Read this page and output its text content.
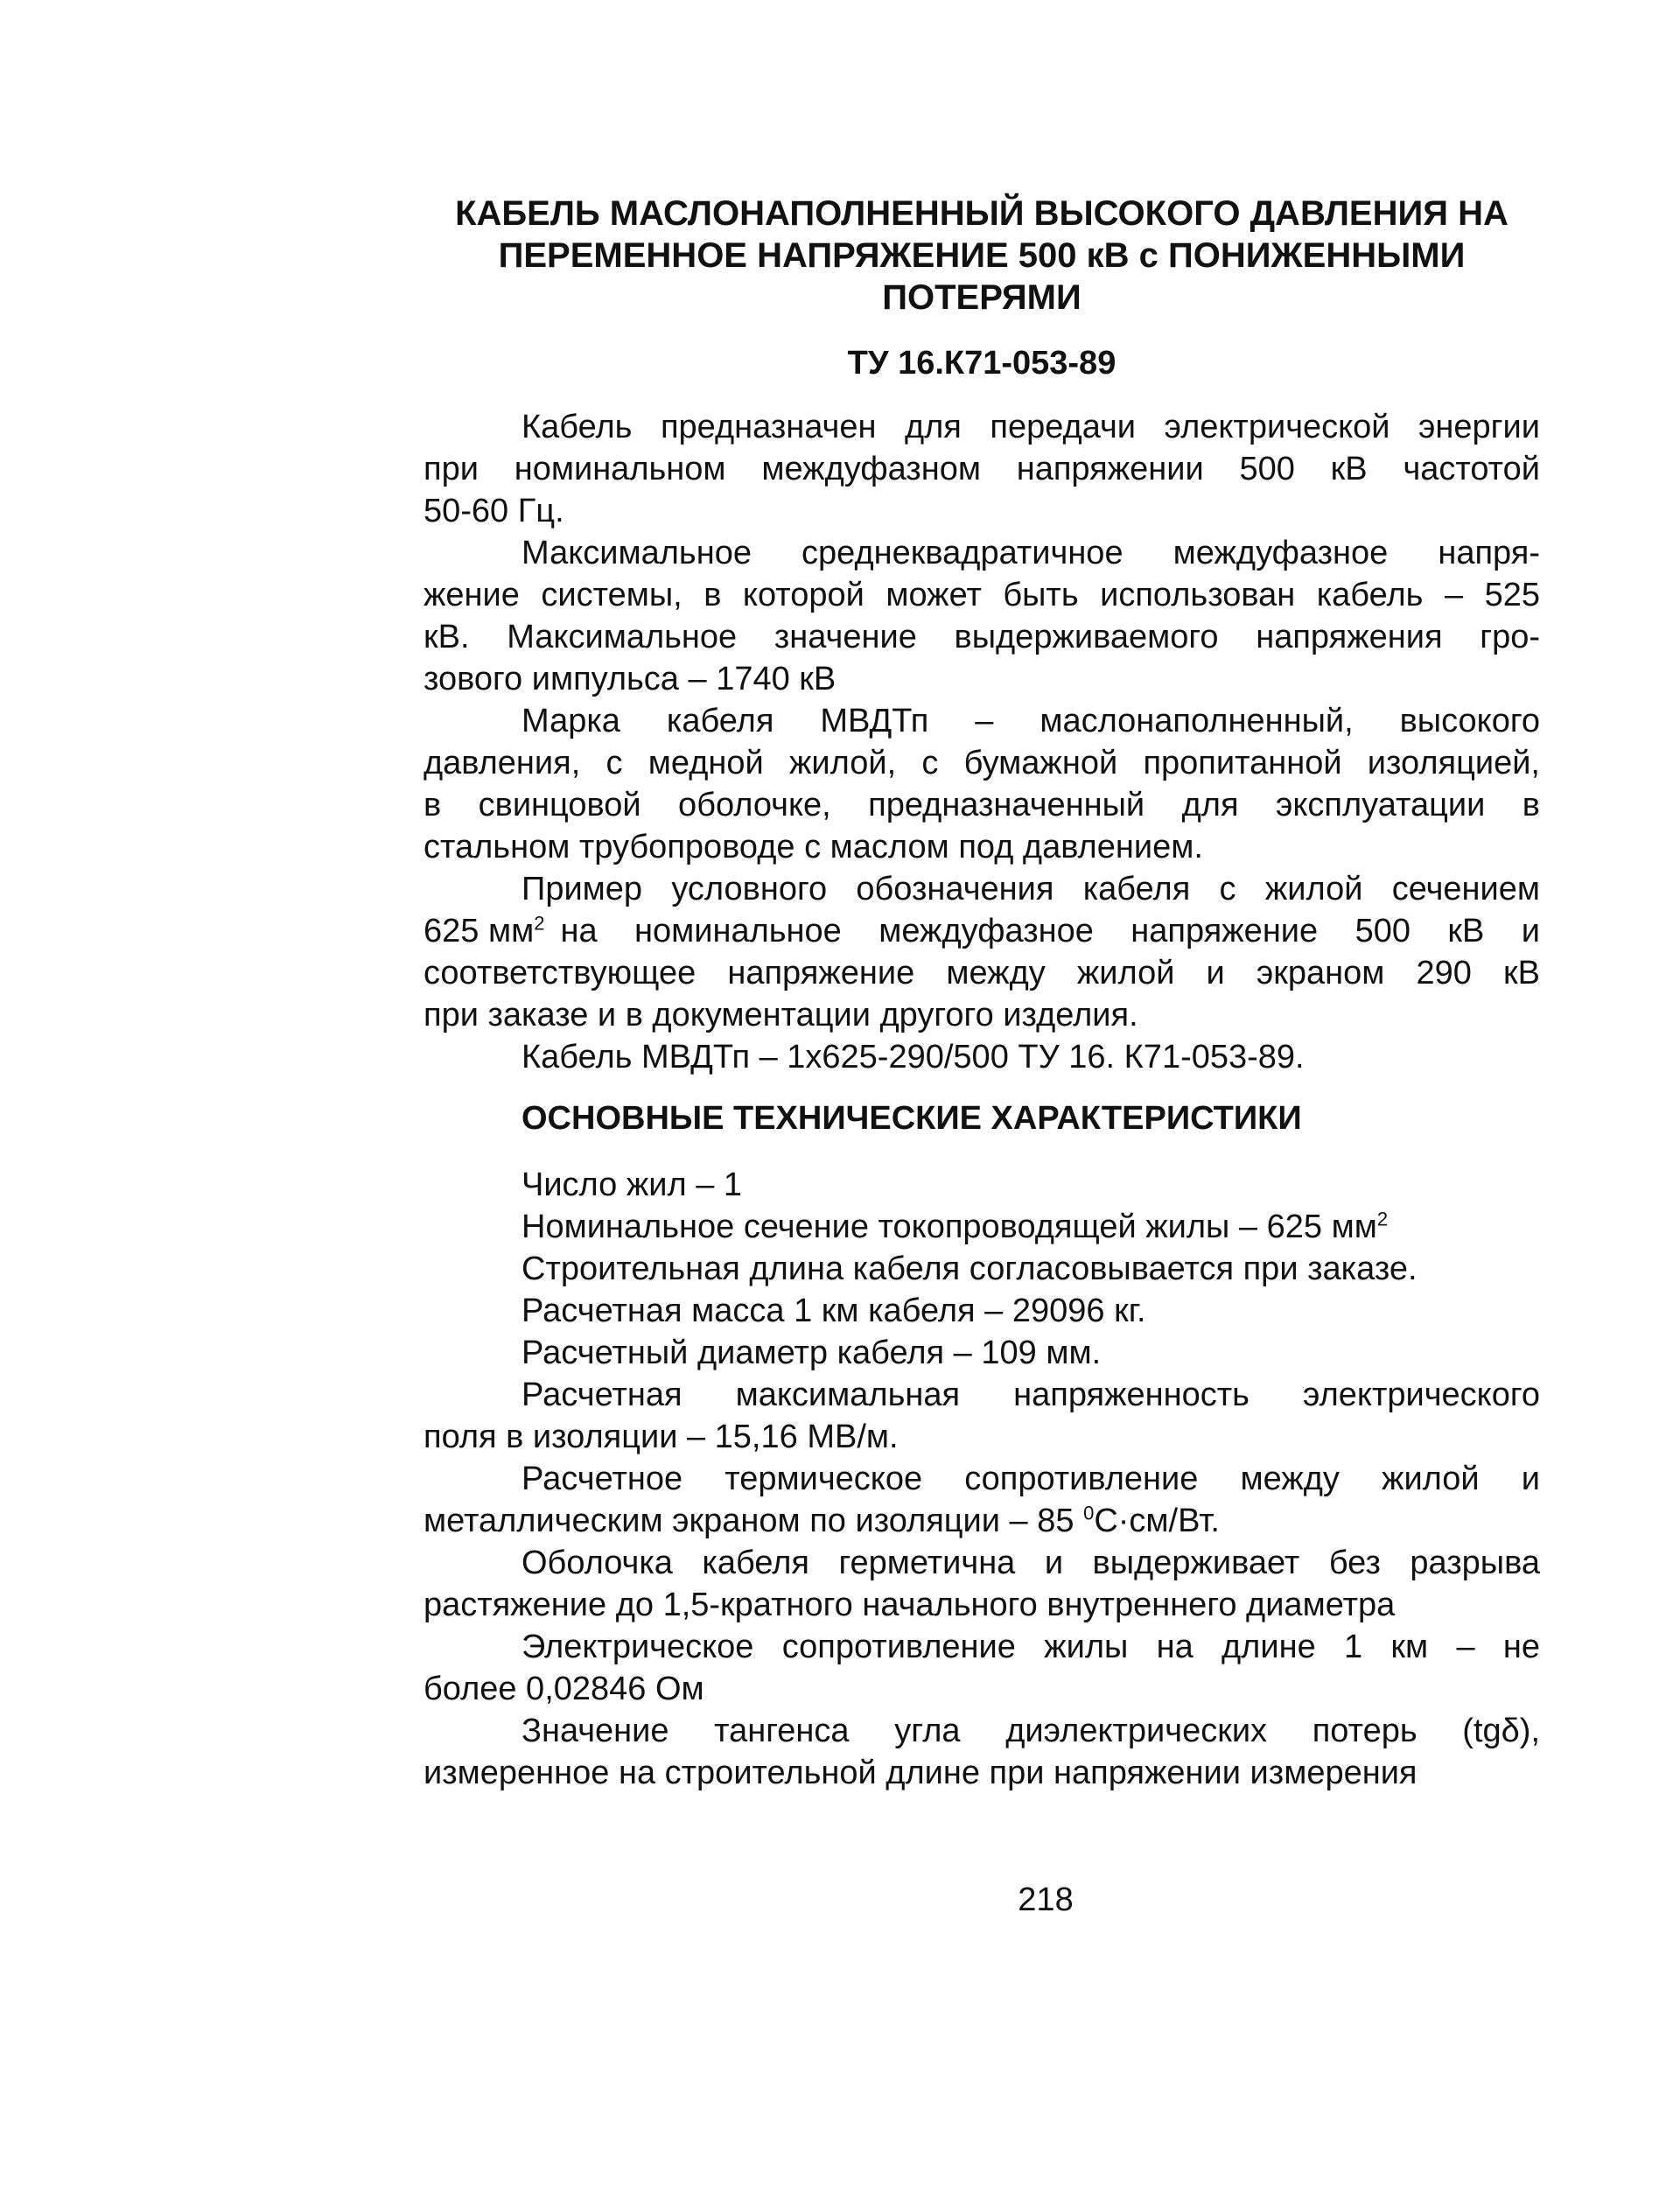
КАБЕЛЬ МАСЛОНАПОЛНЕННЫЙ ВЫСОКОГО ДАВЛЕНИЯ НА
ПЕРЕМЕННОЕ НАПРЯЖЕНИЕ 500 кВ с ПОНИЖЕННЫМИ
ПОТЕРЯМИ
ТУ 16.К71-053-89
Кабель предназначен для передачи электрической энергии
при номинальном междуфазном напряжении 500 кВ частотой
50-60 Гц.
Максимальное среднеквадратичное междуфазное напря-
жение системы, в которой может быть использован кабель – 525
кВ. Максимальное значение выдерживаемого напряжения гро-
зового импульса – 1740 кВ
Марка кабеля МВДТп – маслонаполненный, высокого
давления, с медной жилой, с бумажной пропитанной изоляцией,
в свинцовой оболочке, предназначенный для эксплуатации в
стальном трубопроводе с маслом под давлением.
Пример условного обозначения кабеля с жилой сечением
625 $мм^2$ на номинальное междуфазное напряжение 500 кВ и
соответствующее напряжение между жилой и экраном 290 кВ
при заказе и в документации другого изделия.
Кабель МВДТп – 1х625-290/500 ТУ 16. К71-053-89.
ОСНОВНЫЕ ТЕХНИЧЕСКИЕ ХАРАКТЕРИСТИКИ
Число жил – 1
Номинальное сечение токопроводящей жилы – 625 $мм^2$
Строительная длина кабеля согласовывается при заказе.
Расчетная масса 1 км кабеля – 29096 кг.
Расчетный диаметр кабеля – 109 мм.
Расчетная максимальная напряженность электрического
поля в изоляции – 15,16 МВ/м.
Расчетное термическое сопротивление между жилой и
металлическим экраном по изоляции – 85 $^0$С·см/Вт.
Оболочка кабеля герметична и выдерживает без разрыва
растяжение до 1,5-кратного начального внутреннего диаметра
Электрическое сопротивление жилы на длине 1 км – не
более 0,02846 Ом
Значение тангенса угла диэлектрических потерь (tgδ),
измеренное на строительной длине при напряжении измерения
218
